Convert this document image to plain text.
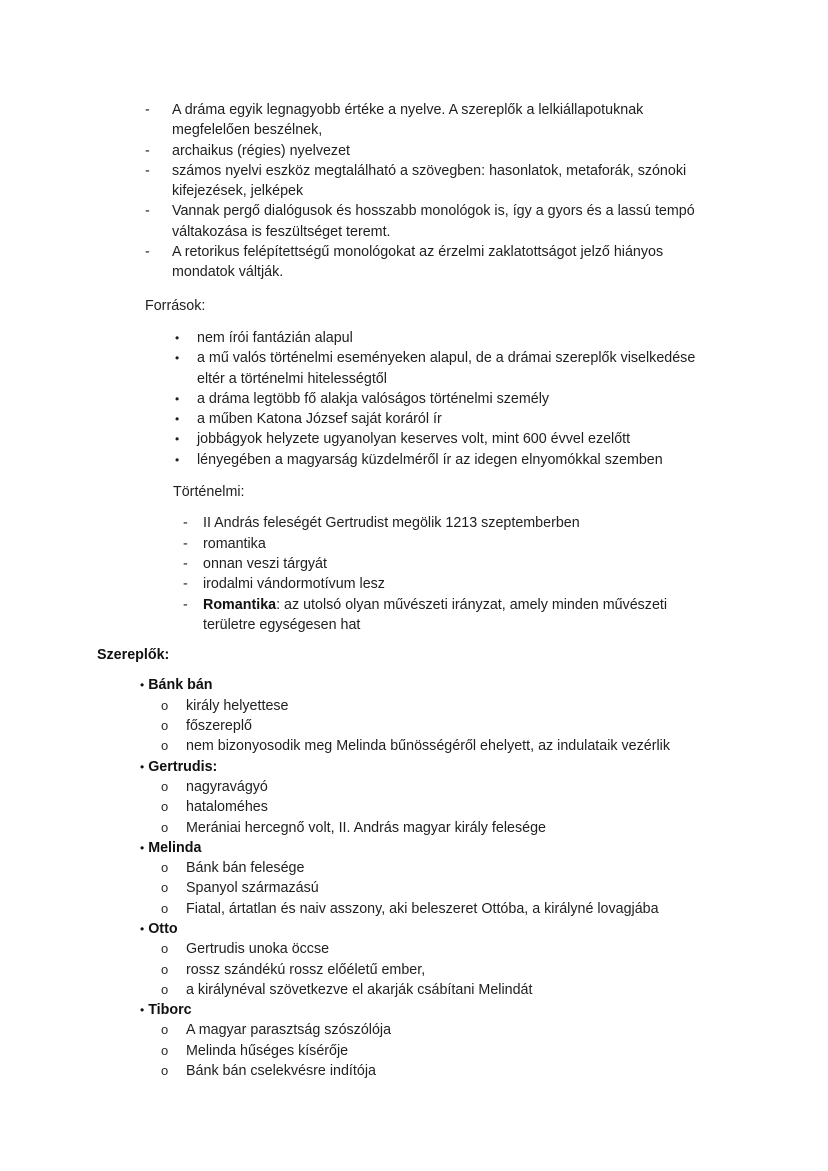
- A dráma egyik legnagyobb értéke a nyelve. A szereplők a lelkiállapotuknak megfelelően beszélnek,
- archaikus (régies) nyelvezet
- számos nyelvi eszköz megtalálható a szövegben: hasonlatok, metaforák, szónoki kifejezések, jelképek
- Vannak pergő dialógusok és hosszabb monológok is, így a gyors és a lassú tempó váltakozása is feszültséget teremt.
- A retorikus felépítettségű monológokat az érzelmi zaklatottságot jelző hiányos mondatok váltják.
Források:
• nem írói fantázián alapul
• a mű valós történelmi eseményeken alapul, de a drámai szereplők viselkedése eltér a történelmi hitelességtől
• a dráma legtöbb fő alakja valóságos történelmi személy
• a műben Katona József saját koráról ír
• jobbágyok helyzete ugyanolyan keserves volt, mint 600 évvel ezelőtt
• lényegében a magyarság küzdelméről ír az idegen elnyomókkal szemben
Történelmi:
- II András feleségét Gertrudist megölik 1213 szeptemberben
- romantika
- onnan veszi tárgyát
- irodalmi vándormotívum lesz
- Romantika: az utolsó olyan művészeti irányzat, amely minden művészeti területre egységesen hat
Szereplők:
• Bánk bán
o király helyettese
o főszereplő
o nem bizonyosodik meg Melinda bűnösségéről ehelyett, az indulataik vezérlik
• Gertrudis:
o nagyravágyó
o hataloméhes
o Merániai hercegnő volt, II. András magyar király felesége
• Melinda
o Bánk bán felesége
o Spanyol származású
o Fiatal, ártatlan és naiv asszony, aki beleszeret Ottóba, a királyné lovagjába
• Otto
o Gertrudis unoka öccse
o rossz szándékú rossz előéletű ember,
o a királynéval szövetkezve el akarják csábítani Melindát
• Tiborc
o A magyar parasztság szószólója
o Melinda hűséges kísérője
o Bánk bán cselekvésre indítója
